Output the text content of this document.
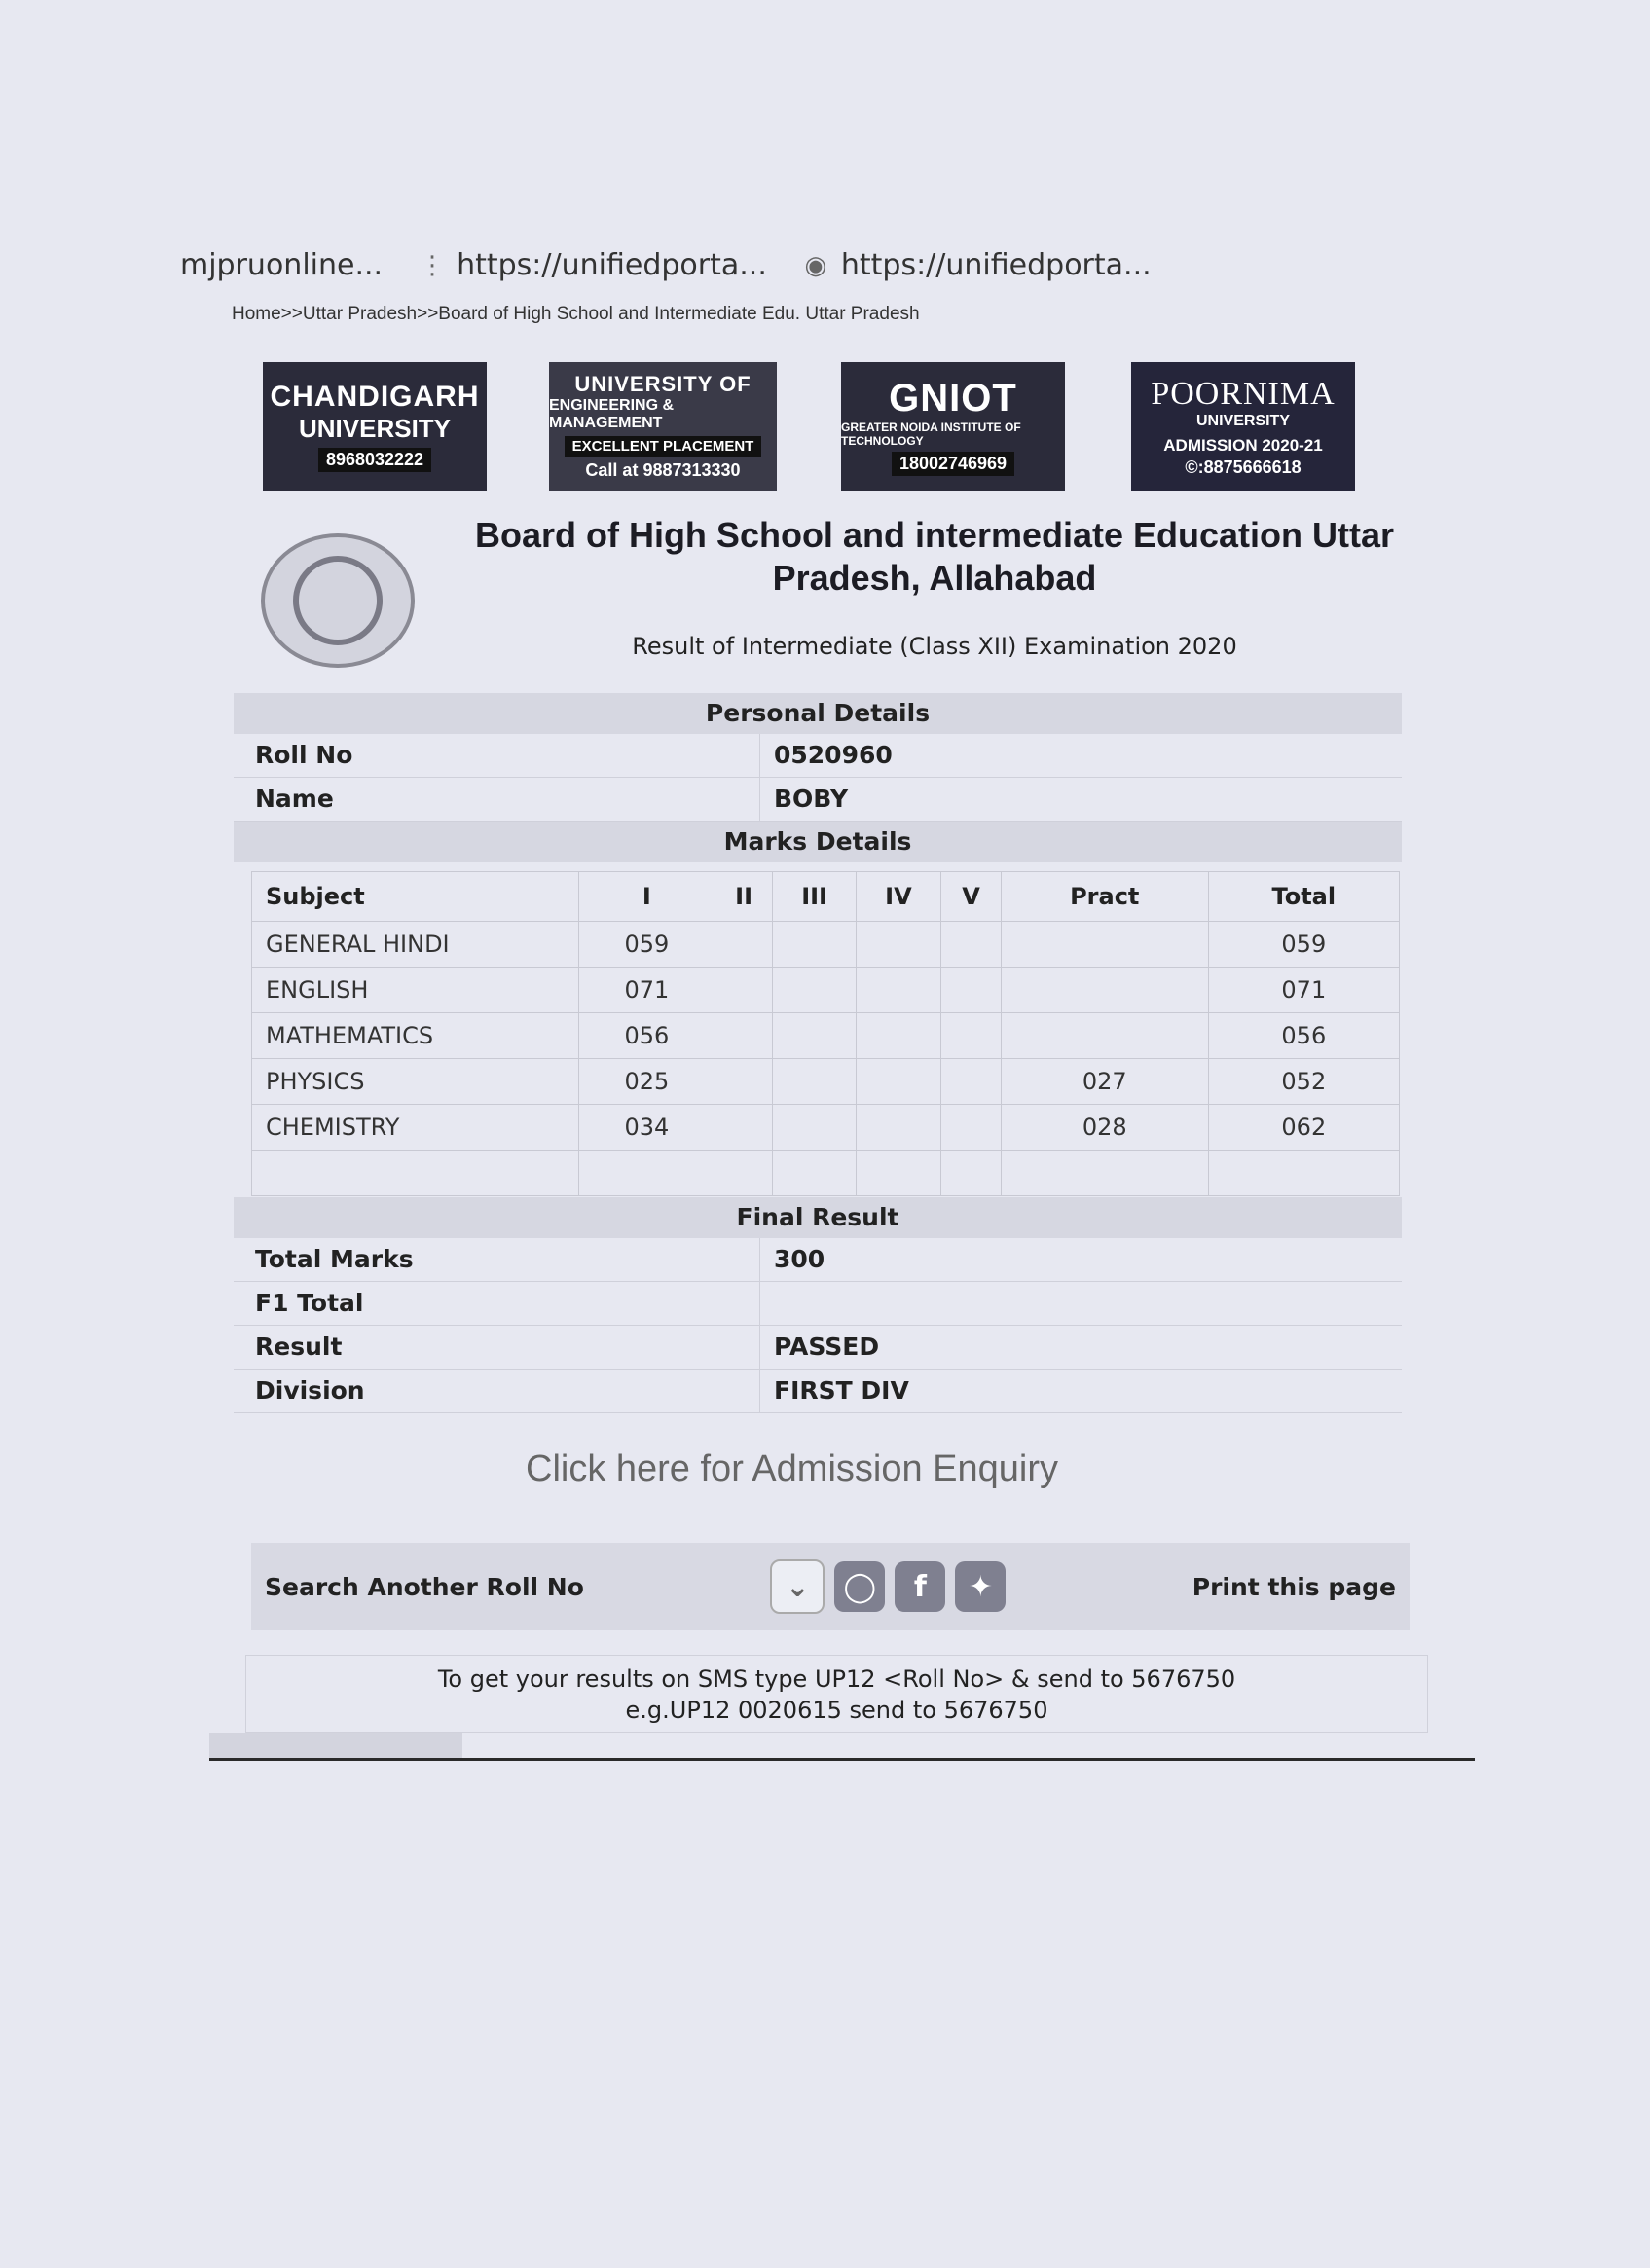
mjpruonline... ⋮ https://unifiedporta... ◉ https://unifiedporta...
Home>>Uttar Pradesh>>Board of High School and Intermediate Edu. Uttar Pradesh
CHANDIGARH
UNIVERSITY
8968032222
UNIVERSITY OF
ENGINEERING & MANAGEMENT
EXCELLENT PLACEMENT
Call at 9887313330
GNIOT
GREATER NOIDA INSTITUTE OF TECHNOLOGY
18002746969
POORNIMA
UNIVERSITY
ADMISSION 2020-21
©:8875666618
Board of High School and intermediate Education Uttar Pradesh, Allahabad
Result of Intermediate (Class XII) Examination 2020
Personal Details
Roll No	0520960
Name	BOBY
Marks Details
Subject	I	II	III	IV	V	Pract	Total
GENERAL HINDI	059						059
ENGLISH	071						071
MATHEMATICS	056						056
PHYSICS	025					027	052
CHEMISTRY	034					028	062

Final Result
Total Marks	300
F1 Total
Result	PASSED
Division	FIRST DIV
Click here for Admission Enquiry
Search Another Roll No	⌄	◯	f	✦	Print this page
To get your results on SMS type UP12 <Roll No> & send to 5676750
e.g.UP12 0020615 send to 5676750
